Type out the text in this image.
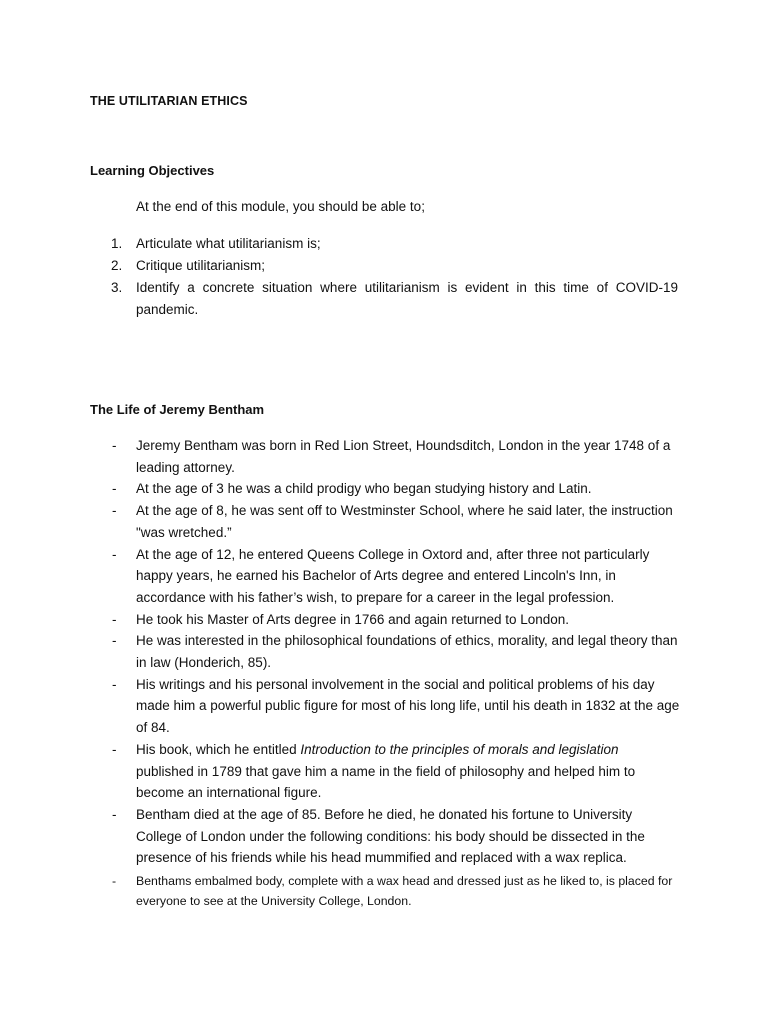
THE UTILITARIAN ETHICS
Learning Objectives
At the end of this module, you should be able to;
1. Articulate what utilitarianism is;
2. Critique utilitarianism;
3. Identify a concrete situation where utilitarianism is evident in this time of COVID-19 pandemic.
The Life of Jeremy Bentham
- Jeremy Bentham was born in Red Lion Street, Houndsditch, London in the year 1748 of a leading attorney.
- At the age of 3 he was a child prodigy who began studying history and Latin.
- At the age of 8, he was sent off to Westminster School, where he said later, the instruction "was wretched.”
- At the age of 12, he entered Queens College in Oxtord and, after three not particularly happy years, he earned his Bachelor of Arts degree and entered Lincoln's Inn, in accordance with his father’s wish, to prepare for a career in the legal profession.
- He took his Master of Arts degree in 1766 and again returned to London.
- He was interested in the philosophical foundations of ethics, morality, and legal theory than in law (Honderich, 85).
- His writings and his personal involvement in the social and political problems of his day made him a powerful public figure for most of his long life, until his death in 1832 at the age of 84.
- His book, which he entitled Introduction to the principles of morals and legislation published in 1789 that gave him a name in the field of philosophy and helped him to become an international figure.
- Bentham died at the age of 85. Before he died, he donated his fortune to University College of London under the following conditions: his body should be dissected in the presence of his friends while his head mummified and replaced with a wax replica.
- Benthams embalmed body, complete with a wax head and dressed just as he liked to, is placed for everyone to see at the University College, London.
